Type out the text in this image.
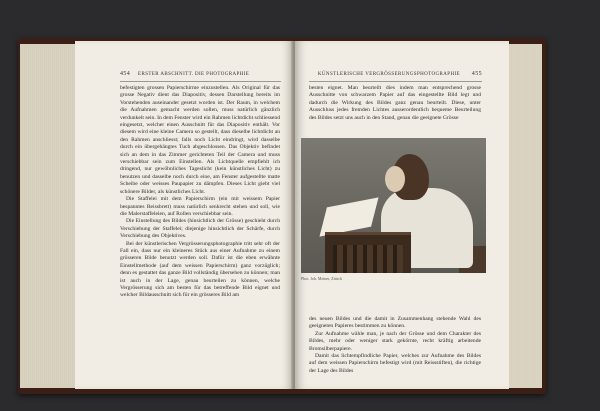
454 ERSTER ABSCHNITT. DIE PHOTOGRAPHIE

befestigten grossen Papierschirme einzustellen. Als Original für das grosse Negativ dient das Diapositiv, dessen Darstellung bereits im Vorstehenden auseinander gesetzt worden ist. Der Raum, in welchem die Aufnahmen gemacht werden sollen, muss natürlich gänzlich verdunkelt sein. In dem Fenster wird ein Rahmen lichtdicht schliessend eingesetzt, welcher einen Ausschnitt für das Diapositiv enthält. Vor diesem wird eine kleine Camera so gestellt, dass dieselbe lichtdicht an den Rahmen anschliesst; falls noch Licht eindringt, wird dasselbe durch ein übergehängtes Tuch abgeschlossen. Das Objektiv befindet sich an dem in das Zimmer gerichteten Teil der Camera und muss verschiebbar sein zum Einstellen. Als Lichtquelle empfiehlt ich dringend, nur gewöhnliches Tageslicht (kein künstliches Licht) zu benutzen und dasselbe noch durch eine, am Fenster aufgestellte matte Scheibe oder weisses Paupapier zu dämpfen. Dieses Licht giebt viel schönere Bilder, als künstliches Licht.

Die Staffelei mit dem Papierschirm (ein mit weissem Papier bespanntes Reissbrett) muss natürlich senkrecht stehen und soll, wie die Malerstaffeleien, auf Rollen verschiebbar sein.

Die Einstellung des Bildes (hinsichtlich der Grösse) geschieht durch Verschiebung der Staffelei; diejenige hinsichtlich der Schärfe, durch Verschiebung des Objektives.

Bei der künstlerischen Vergrösserungsphotographie tritt sehr oft der Fall ein, dass nur ein kleineres Stück aus einer Aufnahme zu einem grösseren Bilde benutzt werden soll. Dafür ist die eben erwähnte Einstellmethode (auf dem weissen Papierschirm) ganz vorzüglich; denn es gestattet das ganze Bild vollständig übersehen zu können; man ist auch in der Lage, genau beurteilen zu können, welche Vergrösserung sich am besten für das betreffende Bild eignet und welcher Bildausschnitt sich für ein grösseres Bild am

KÜNSTLERISCHE VERGRÖSSERUNGSPHOTOGRAPHIE 455

besten eignet. Man beurteilt dies indem man entsprechend grosse Ausschnitte von schwarzem Papier auf das eingestellte Bild legt und dadurch die Wirkung des Bildes ganz genau beurteilt. Diese, unter Ausschluss jedes fremden Lichtes ausserordentlich bequeme Beurteilung des Bildes setzt uns auch in den Stand, genau die geeignete Grösse

Phot. Joh. Meiner, Zürich

des neuen Bildes und die damit in Zusammenhang stehende Wahl des geeigneten Papieres bestimmen zu können.

Zur Aufnahme wähle man, je nach der Grösse und dem Charakter des Bildes, mehr oder weniger stark gekörnte, recht kräftig arbeitende Bromsilberpapiere.

Damit das lichtempfindliche Papier, welches zur Aufnahme des Bildes auf dem weissen Papierschirm befestigt wird (mit Reissstiften), die richtige der Lage des Bildes
